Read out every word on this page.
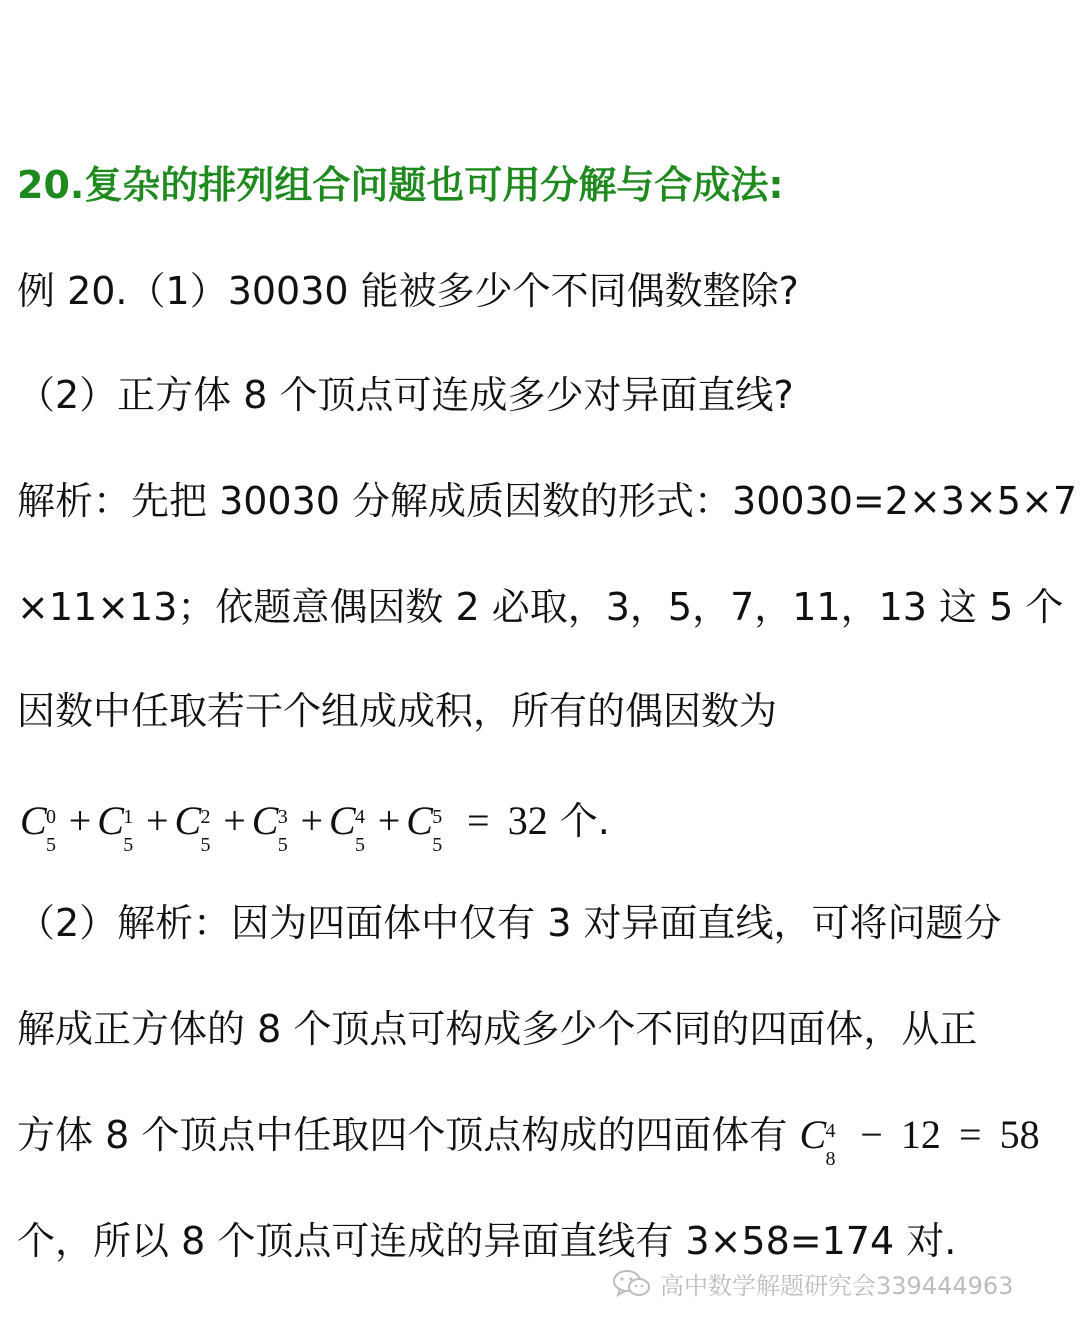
20.复杂的排列组合问题也可用分解与合成法:

例 20.（1）30030 能被多少个不同偶数整除?

（2）正方体 8 个顶点可连成多少对异面直线?

解析：先把 30030 分解成质因数的形式：30030=2×3×5×7

×11×13；依题意偶因数 2 必取，3，5，7，11，13 这 5 个

因数中任取若干个组成成积，所有的偶因数为

C 0
5
+ C 1
5
+ C 2
5
+ C 3
5
+ C 4
5
+ C 5
5
= 32 个.

（2）解析：因为四面体中仅有 3 对异面直线，可将问题分

解成正方体的 8 个顶点可构成多少个不同的四面体，从正

方体 8 个顶点中任取四个顶点构成的四面体有 C 4
8
− 12 = 58

个，所以 8 个顶点可连成的异面直线有 3×58=174 对.

高中数学解题研究会339444963
